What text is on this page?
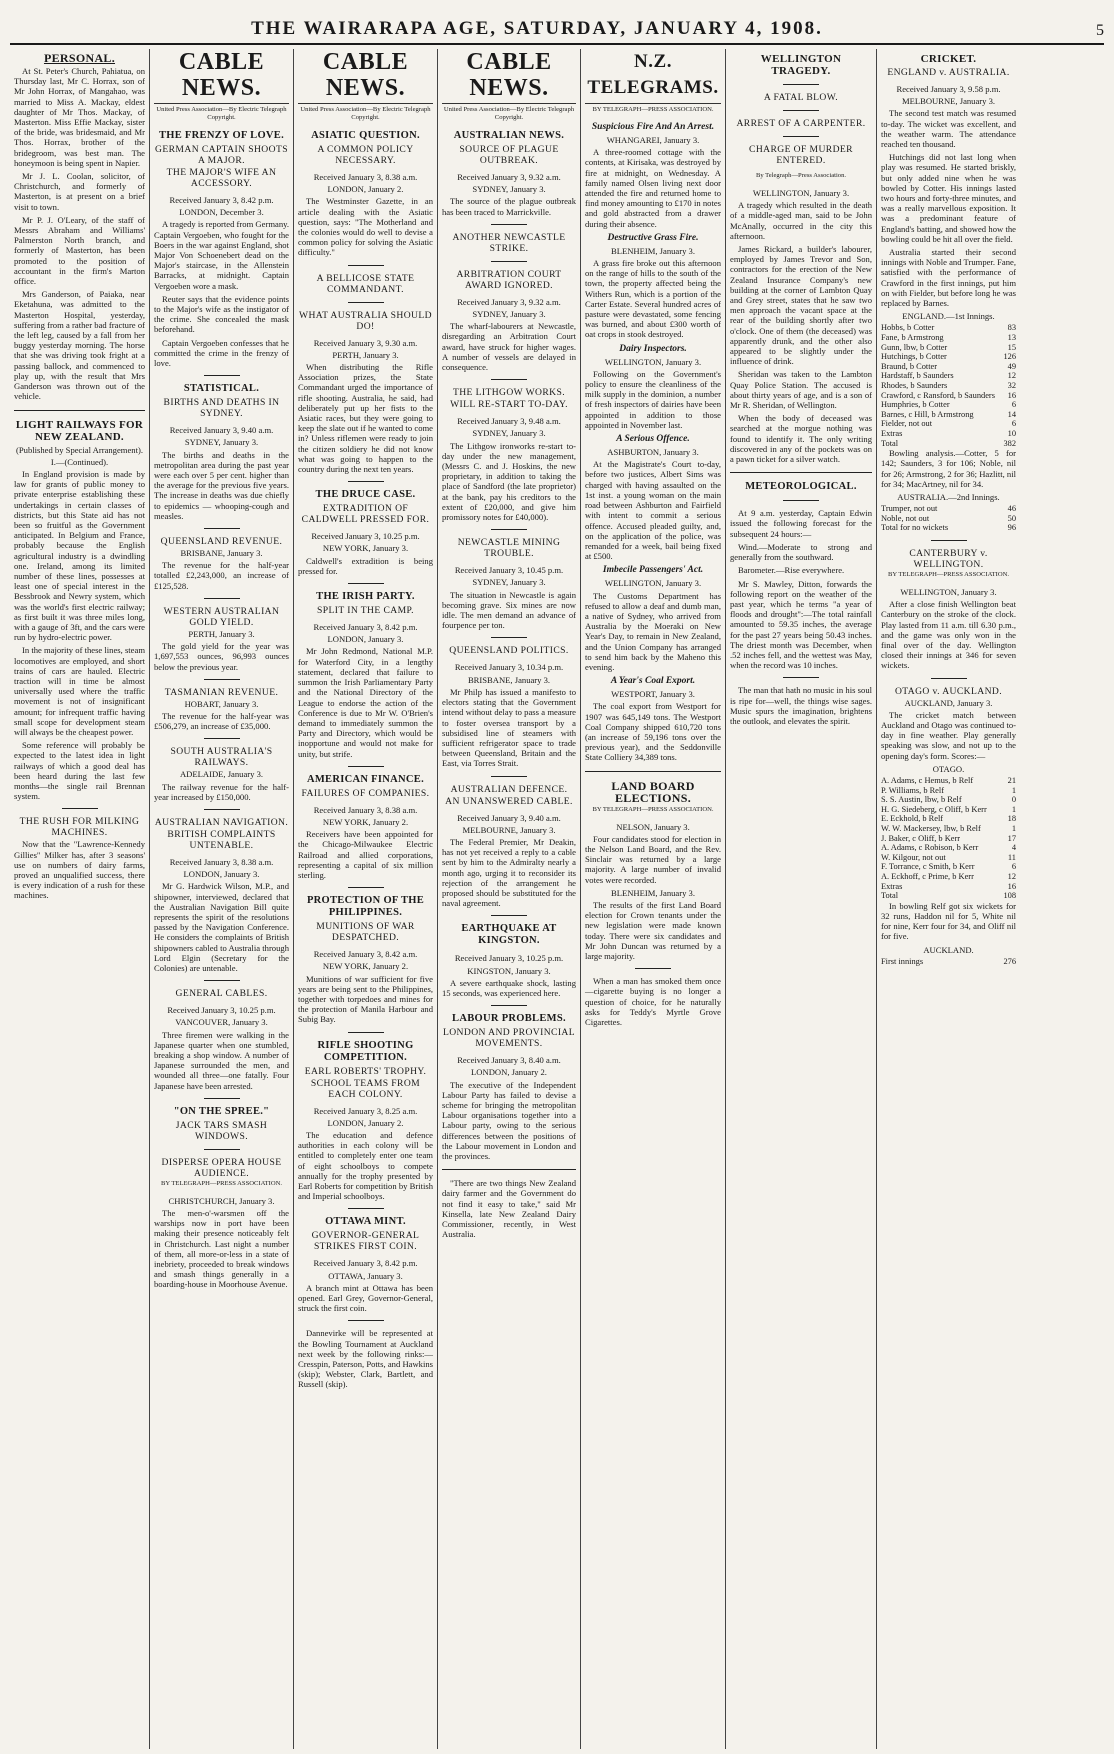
THE WAIRARAPA AGE, SATURDAY, JANUARY 4, 1908.	5
PERSONAL.

At St. Peter's Church, Pahiatua, on Thursday last, Mr C. Horrax, son of Mr John Horrax, of Mangahao, was married to Miss A. Mackay, eldest daughter of Mr Thos. Mackay, of Masterton. Miss Effie Mackay, sister of the bride, was bridesmaid, and Mr Thos. Horrax, brother of the bridegroom, was best man. The honeymoon is being spent in Napier.

Mr J. L. Coolan, solicitor, of Christchurch, and formerly of Masterton, is at present on a brief visit to town.

Mr P. J. O'Leary, of the staff of Messrs Abraham and Williams' Palmerston North branch, and formerly of Masterton, has been promoted to the position of accountant in the firm's Marton office.

Mrs Ganderson, of Paiaka, near Eketahuna, was admitted to the Masterton Hospital, yesterday, suffering from a rather bad fracture of the left leg, caused by a fall from her buggy yesterday morning. The horse that she was driving took fright at a passing ballock, and commenced to play up, with the result that Mrs Ganderson was thrown out of the vehicle.

LIGHT RAILWAYS FOR NEW ZEALAND.
(Published by Special Arrangement).
I.—(Continued).

In England provision is made by law for grants of public money to private enterprise establishing these undertakings in certain classes of districts, but this State aid has not been so fruitful as the Government anticipated. In Belgium and France, probably because the English agricultural industry is a dwindling one. Ireland, among its limited number of these lines, possesses at least one of special interest in the Bessbrook and Newry system, which was the world's first electric railway; as first built it was three miles long, with a gauge of 3ft, and the cars were run by hydro-electric power.

In the majority of these lines, steam locomotives are employed, and short trains of cars are hauled. Electric traction will in time be almost universally used where the traffic movement is not of insignificant amount; for infrequent traffic having small scope for development steam will always be the cheapest power.

Some reference will probably be expected to the latest idea in light railways of which a good deal has been heard during the last few months—the single rail Brennan system.

THE RUSH FOR MILKING MACHINES.

Now that the "Lawrence-Kennedy Gillies" Milker has, after 3 seasons' use on numbers of dairy farms, proved an unqualified success, there is every indication of a rush for these machines.

CABLE NEWS.
United Press Association—By Electric Telegraph Copyright.
THE FRENZY OF LOVE.
GERMAN CAPTAIN SHOOTS A MAJOR.
THE MAJOR'S WIFE AN ACCESSORY.
Received January 3, 8.42 p.m.
LONDON, December 3.

A tragedy is reported from Germany. Captain Vergoeben, who fought for the Boers in the war against England, shot Major Von Schoenebert dead on the Major's staircase, in the Allenstein Barracks, at midnight. Captain Vergoeben wore a mask.

Reuter says that the evidence points to the Major's wife as the instigator of the crime. She concealed the mask beforehand.

Captain Vergoeben confesses that he committed the crime in the frenzy of love.

STATISTICAL.
BIRTHS AND DEATHS IN SYDNEY.
Received January 3, 9.40 a.m.
SYDNEY, January 3.

The births and deaths in the metropolitan area during the past year were each over 5 per cent. higher than the average for the previous five years. The increase in deaths was due chiefly to epidemics — whooping-cough and measles.

QUEENSLAND REVENUE.
BRISBANE, January 3.

The revenue for the half-year totalled £2,243,000, an increase of £125,528.

WESTERN AUSTRALIAN GOLD YIELD.
PERTH, January 3.

The gold yield for the year was 1,697,553 ounces, 96,993 ounces below the previous year.

TASMANIAN REVENUE.
HOBART, January 3.

The revenue for the half-year was £506,279, an increase of £35,000.

SOUTH AUSTRALIA'S RAILWAYS.
ADELAIDE, January 3.

The railway revenue for the half-year increased by £150,000.

AUSTRALIAN NAVIGATION.
BRITISH COMPLAINTS UNTENABLE.
Received January 3, 8.38 a.m.
LONDON, January 3.

Mr G. Hardwick Wilson, M.P., and shipowner, interviewed, declared that the Australian Navigation Bill quite represents the spirit of the resolutions passed by the Navigation Conference. He considers the complaints of British shipowners cabled to Australia through Lord Elgin (Secretary for the Colonies) are untenable.

GENERAL CABLES.
Received January 3, 10.25 p.m.
VANCOUVER, January 3.

Three firemen were walking in the Japanese quarter when one stumbled, breaking a shop window. A number of Japanese surrounded the men, and wounded all three—one fatally. Four Japanese have been arrested.

"ON THE SPREE."
JACK TARS SMASH WINDOWS.
DISPERSE OPERA HOUSE AUDIENCE.
BY TELEGRAPH—PRESS ASSOCIATION.
CHRISTCHURCH, January 3.

The men-o'-warsmen off the warships now in port have been making their presence noticeably felt in Christchurch. Last night a number of them, all more-or-less in a state of inebriety, proceeded to break windows and smash things generally in a boarding-house in Moorhouse Avenue.

CABLE NEWS.
United Press Association—By Electric Telegraph Copyright.
ASIATIC QUESTION.
A COMMON POLICY NECESSARY.
Received January 3, 8.38 a.m.
LONDON, January 2.

The Westminster Gazette, in an article dealing with the Asiatic question, says: "The Motherland and the colonies would do well to devise a common policy for solving the Asiatic difficulty."

A BELLICOSE STATE COMMANDANT.
WHAT AUSTRALIA SHOULD DO!
Received January 3, 9.30 a.m.
PERTH, January 3.

When distributing the Rifle Association prizes, the State Commandant urged the importance of rifle shooting. Australia, he said, had deliberately put up her fists to the Asiatic races, but they were going to keep the slate out if he wanted to come in? Unless riflemen were ready to join the citizen soldiery he did not know what was going to happen to the country during the next ten years.

THE DRUCE CASE.
EXTRADITION OF CALDWELL PRESSED FOR.
Received January 3, 10.25 p.m.
NEW YORK, January 3.

Caldwell's extradition is being pressed for.

THE IRISH PARTY.
SPLIT IN THE CAMP.
Received January 3, 8.42 p.m.
LONDON, January 3.

Mr John Redmond, National M.P. for Waterford City, in a lengthy statement, declared that failure to summon the Irish Parliamentary Party and the National Directory of the League to endorse the action of the Conference is due to Mr W. O'Brien's demand to immediately summon the Party and Directory, which would be inopportune and would not make for unity, but strife.

AMERICAN FINANCE.
FAILURES OF COMPANIES.
Received January 3, 8.38 a.m.
NEW YORK, January 2.

Receivers have been appointed for the Chicago-Milwaukee Electric Railroad and allied corporations, representing a capital of six million sterling.

PROTECTION OF THE PHILIPPINES.
MUNITIONS OF WAR DESPATCHED.
Received January 3, 8.42 a.m.
NEW YORK, January 2.

Munitions of war sufficient for five years are being sent to the Philippines, together with torpedoes and mines for the protection of Manila Harbour and Subig Bay.

RIFLE SHOOTING COMPETITION.
EARL ROBERTS' TROPHY.
SCHOOL TEAMS FROM EACH COLONY.
Received January 3, 8.25 a.m.
LONDON, January 2.

The education and defence authorities in each colony will be entitled to completely enter one team of eight schoolboys to compete annually for the trophy presented by Earl Roberts for competition by British and Imperial schoolboys.

OTTAWA MINT.
GOVERNOR-GENERAL STRIKES FIRST COIN.
Received January 3, 8.42 p.m.
OTTAWA, January 3.

A branch mint at Ottawa has been opened. Earl Grey, Governor-General, struck the first coin.

Dannevirke will be represented at the Bowling Tournament at Auckland next week by the following rinks:—Cresspin, Paterson, Potts, and Hawkins (skip); Webster, Clark, Bartlett, and Russell (skip).

CABLE NEWS.
United Press Association—By Electric Telegraph Copyright.
AUSTRALIAN NEWS.
SOURCE OF PLAGUE OUTBREAK.
Received January 3, 9.32 a.m.
SYDNEY, January 3.

The source of the plague outbreak has been traced to Marrickville.

ANOTHER NEWCASTLE STRIKE.
ARBITRATION COURT AWARD IGNORED.
Received January 3, 9.32 a.m.
SYDNEY, January 3.

The wharf-labourers at Newcastle, disregarding an Arbitration Court award, have struck for higher wages. A number of vessels are delayed in consequence.

THE LITHGOW WORKS.
WILL RE-START TO-DAY.
Received January 3, 9.48 a.m.
SYDNEY, January 3.

The Lithgow ironworks re-start to-day under the new management, (Messrs C. and J. Hoskins, the new proprietary, in addition to taking the place of Sandford (the late proprietor) at the bank, pay his creditors to the extent of £20,000, and give him promissory notes for £40,000).

NEWCASTLE MINING TROUBLE.
Received January 3, 10.45 p.m.
SYDNEY, January 3.

The situation in Newcastle is again becoming grave. Six mines are now idle. The men demand an advance of fourpence per ton.

QUEENSLAND POLITICS.
Received January 3, 10.34 p.m.
BRISBANE, January 3.

Mr Philp has issued a manifesto to electors stating that the Government intend without delay to pass a measure to foster oversea transport by a subsidised line of steamers with sufficient refrigerator space to trade between Queensland, Britain and the East, via Torres Strait.

AUSTRALIAN DEFENCE.
AN UNANSWERED CABLE.
Received January 3, 9.40 a.m.
MELBOURNE, January 3.

The Federal Premier, Mr Deakin, has not yet received a reply to a cable sent by him to the Admiralty nearly a month ago, urging it to reconsider its rejection of the arrangement he proposed should be substituted for the naval agreement.

EARTHQUAKE AT KINGSTON.
Received January 3, 10.25 p.m.
KINGSTON, January 3.

A severe earthquake shock, lasting 15 seconds, was experienced here.

LABOUR PROBLEMS.
LONDON AND PROVINCIAL MOVEMENTS.
Received January 3, 8.40 a.m.
LONDON, January 2.

The executive of the Independent Labour Party has failed to devise a scheme for bringing the metropolitan Labour organisations together into a Labour party, owing to the serious differences between the positions of the Labour movement in London and the provinces.

"There are two things New Zealand dairy farmer and the Government do not find it easy to take," said Mr Kinsella, late New Zealand Dairy Commissioner, recently, in West Australia.

N.Z. TELEGRAMS.
BY TELEGRAPH—PRESS ASSOCIATION.
Suspicious Fire And An Arrest.
WHANGAREI, January 3.

A three-roomed cottage with the contents, at Kirisaka, was destroyed by fire at midnight, on Wednesday. A family named Olsen living next door attended the fire and returned home to find money amounting to £170 in notes and gold abstracted from a drawer during their absence.

Destructive Grass Fire.
BLENHEIM, January 3.

A grass fire broke out this afternoon on the range of hills to the south of the town, the property affected being the Withers Run, which is a portion of the Carter Estate. Several hundred acres of pasture were devastated, some fencing was burned, and about £300 worth of oat crops in stook destroyed.

Dairy Inspectors.
WELLINGTON, January 3.

Following on the Government's policy to ensure the cleanliness of the milk supply in the dominion, a number of fresh inspectors of dairies have been appointed in addition to those appointed in November last.

A Serious Offence.
ASHBURTON, January 3.

At the Magistrate's Court to-day, before two justices, Albert Sims was charged with having assaulted on the 1st inst. a young woman on the main road between Ashburton and Fairfield with intent to commit a serious offence. Accused pleaded guilty, and, on the application of the police, was remanded for a week, bail being fixed at £500.

Imbecile Passengers' Act.
WELLINGTON, January 3.

The Customs Department has refused to allow a deaf and dumb man, a native of Sydney, who arrived from Australia by the Moeraki on New Year's Day, to remain in New Zealand, and the Union Company has arranged to send him back by the Maheno this evening.

A Year's Coal Export.
WESTPORT, January 3.

The coal export from Westport for 1907 was 645,149 tons. The Westport Coal Company shipped 610,720 tons (an increase of 59,196 tons over the previous year), and the Seddonville State Colliery 34,389 tons.

LAND BOARD ELECTIONS.
BY TELEGRAPH—PRESS ASSOCIATION.
NELSON, January 3.

Four candidates stood for election in the Nelson Land Board, and the Rev. Sinclair was returned by a large majority. A large number of invalid votes were recorded.

BLENHEIM, January 3.

The results of the first Land Board election for Crown tenants under the new legislation were made known today. There were six candidates and Mr John Duncan was returned by a large majority.

When a man has smoked them once—cigarette buying is no longer a question of choice, for he naturally asks for Teddy's Myrtle Grove Cigarettes.

WELLINGTON TRAGEDY.
A FATAL BLOW.
ARREST OF A CARPENTER.
CHARGE OF MURDER ENTERED.
By Telegraph—Press Association.
WELLINGTON, January 3.

A tragedy which resulted in the death of a middle-aged man, said to be John McAnally, occurred in the city this afternoon.

James Rickard, a builder's labourer, employed by James Trevor and Son, contractors for the erection of the New Zealand Insurance Company's new building at the corner of Lambton Quay and Grey street, states that he saw two men approach the vacant space at the rear of the building shortly after two o'clock. One of them (the deceased) was apparently drunk, and the other also appeared to be slightly under the influence of drink.

Sheridan was taken to the Lambton Quay Police Station. The accused is about thirty years of age, and is a son of Mr R. Sheridan, of Wellington.

When the body of deceased was searched at the morgue nothing was found to identify it. The only writing discovered in any of the pockets was on a pawn ticket for a silver watch.

METEOROLOGICAL.

At 9 a.m. yesterday, Captain Edwin issued the following forecast for the subsequent 24 hours:—

Wind.—Moderate to strong and generally from the southward.

Barometer.—Rise everywhere.

Mr S. Mawley, Ditton, forwards the following report on the weather of the past year, which he terms "a year of floods and drought":—The total rainfall amounted to 59.35 inches, the average for the past 27 years being 50.43 inches. The driest month was December, when .52 inches fell, and the wettest was May, when the record was 10 inches.

The man that hath no music in his soul is ripe for—well, the things wise sages. Music spurs the imagination, brightens the outlook, and elevates the spirit.

CRICKET.
ENGLAND v. AUSTRALIA.
Received January 3, 9.58 p.m.
MELBOURNE, January 3.

The second test match was resumed to-day. The wicket was excellent, and the weather warm. The attendance reached ten thousand.

Hutchings did not last long when play was resumed. He started briskly, but only added nine when he was bowled by Cotter. His innings lasted two hours and forty-three minutes, and was a really marvellous exposition. It was a predominant feature of England's batting, and showed how the bowling could be hit all over the field.

Australia started their second innings with Noble and Trumper. Fane, satisfied with the performance of Crawford in the first innings, put him on with Fielder, but before long he was replaced by Barnes.

ENGLAND.—1st Innings.
Hobbs, b Cotter	83
Fane, b Armstrong	13
Gunn, lbw, b Cotter	15
Hutchings, b Cotter	126
Braund, b Cotter	49
Hardstaff, b Saunders	12
Rhodes, b Saunders	32
Crawford, c Ransford, b Saunders	16
Humphries, b Cotter	6
Barnes, c Hill, b Armstrong	14
Fielder, not out	6
Extras	10
Total	382

Bowling analysis.—Cotter, 5 for 142; Saunders, 3 for 106; Noble, nil for 26; Armstrong, 2 for 36; Hazlitt, nil for 34; MacArtney, nil for 34.

AUSTRALIA.—2nd Innings.
Trumper, not out	46
Noble, not out	50
Total for no wickets	96
CANTERBURY v. WELLINGTON.
BY TELEGRAPH—PRESS ASSOCIATION.
WELLINGTON, January 3.

After a close finish Wellington beat Canterbury on the stroke of the clock. Play lasted from 11 a.m. till 6.30 p.m., and the game was only won in the final over of the day. Wellington closed their innings at 346 for seven wickets.

OTAGO v. AUCKLAND.
AUCKLAND, January 3.

The cricket match between Auckland and Otago was continued to-day in fine weather. Play generally speaking was slow, and not up to the opening day's form. Scores:—

OTAGO.
A. Adams, c Hemus, b Relf	21
P. Williams, b Relf	1
S. S. Austin, lbw, b Relf	0
H. G. Siedeberg, c Oliff, b Kerr	1
E. Eckhold, b Relf	18
W. W. Mackersey, lbw, b Relf	1
J. Baker, c Oliff, b Kerr	17
A. Adams, c Robison, b Kerr	4
W. Kilgour, not out	11
F. Torrance, c Smith, b Kerr	6
A. Eckhoff, c Prime, b Kerr	12
Extras	16
Total	108

In bowling Relf got six wickets for 32 runs, Haddon nil for 5, White nil for nine, Kerr four for 34, and Oliff nil for five.

AUCKLAND.
First innings	276
